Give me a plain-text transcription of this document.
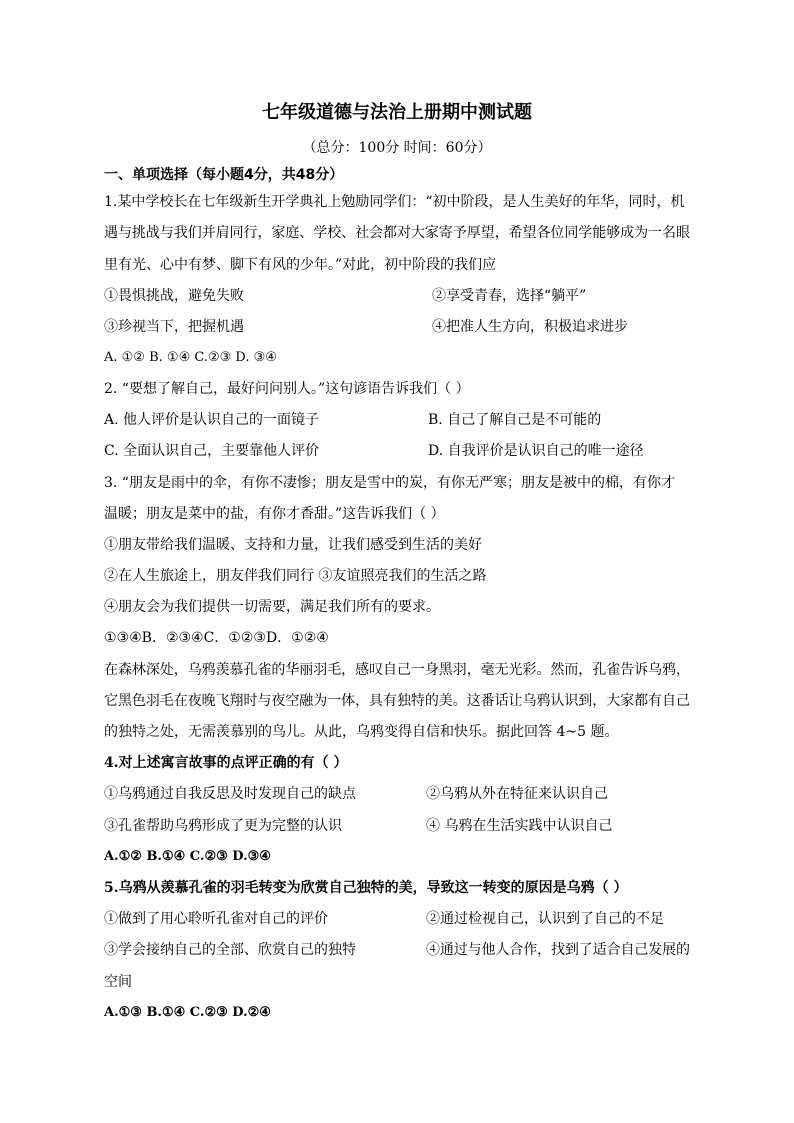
七年级道德与法治上册期中测试题
（总分：100分 时间：60分）
一、单项选择（每小题4分，共48分）
1.某中学校长在七年级新生开学典礼上勉励同学们：“初中阶段，是人生美好的年华，同时，机
遇与挑战与我们并肩同行，家庭、学校、社会都对大家寄予厚望，希望各位同学能够成为一名眼
里有光、心中有梦、脚下有风的少年。”对此，初中阶段的我们应
①畏惧挑战，避免失败	②享受青春，选择“躺平”
③珍视当下，把握机遇	④把准人生方向，积极追求进步
A. ①② B. ①④ C.②③ D. ③④
2. “要想了解自己，最好问问别人。”这句谚语告诉我们（ ）
A. 他人评价是认识自己的一面镜子	B. 自己了解自己是不可能的
C. 全面认识自己，主要靠他人评价	D. 自我评价是认识自己的唯一途径
3. “朋友是雨中的伞，有你不凄惨；朋友是雪中的炭，有你无严寒；朋友是被中的棉，有你才
温暖；朋友是菜中的盐，有你才香甜。”这告诉我们（ ）
①朋友带给我们温暖、支持和力量，让我们感受到生活的美好
②在人生旅途上，朋友伴我们同行 ③友谊照亮我们的生活之路
④朋友会为我们提供一切需要，满足我们所有的要求。
①③④B．②③④C．①②③D．①②④
在森林深处，乌鸦羡慕孔雀的华丽羽毛，感叹自己一身黑羽，毫无光彩。然而，孔雀告诉乌鸦，
它黑色羽毛在夜晚飞翔时与夜空融为一体，具有独特的美。这番话让乌鸦认识到，大家都有自己
的独特之处，无需羡慕别的鸟儿。从此，乌鸦变得自信和快乐。据此回答 4~5 题。
4.对上述寓言故事的点评正确的有（ ）
①乌鸦通过自我反思及时发现自己的缺点	②乌鸦从外在特征来认识自己
③孔雀帮助乌鸦形成了更为完整的认识	④ 乌鸦在生活实践中认识自己
A.①② B.①④ C.②③ D.③④
5.乌鸦从羡慕孔雀的羽毛转变为欣赏自己独特的美，导致这一转变的原因是乌鸦（ ）
①做到了用心聆听孔雀对自己的评价	②通过检视自己，认识到了自己的不足
③学会接纳自己的全部、欣赏自己的独特	④通过与他人合作，找到了适合自己发展的
空间
A.①③ B.①④ C.②③ D.②④
